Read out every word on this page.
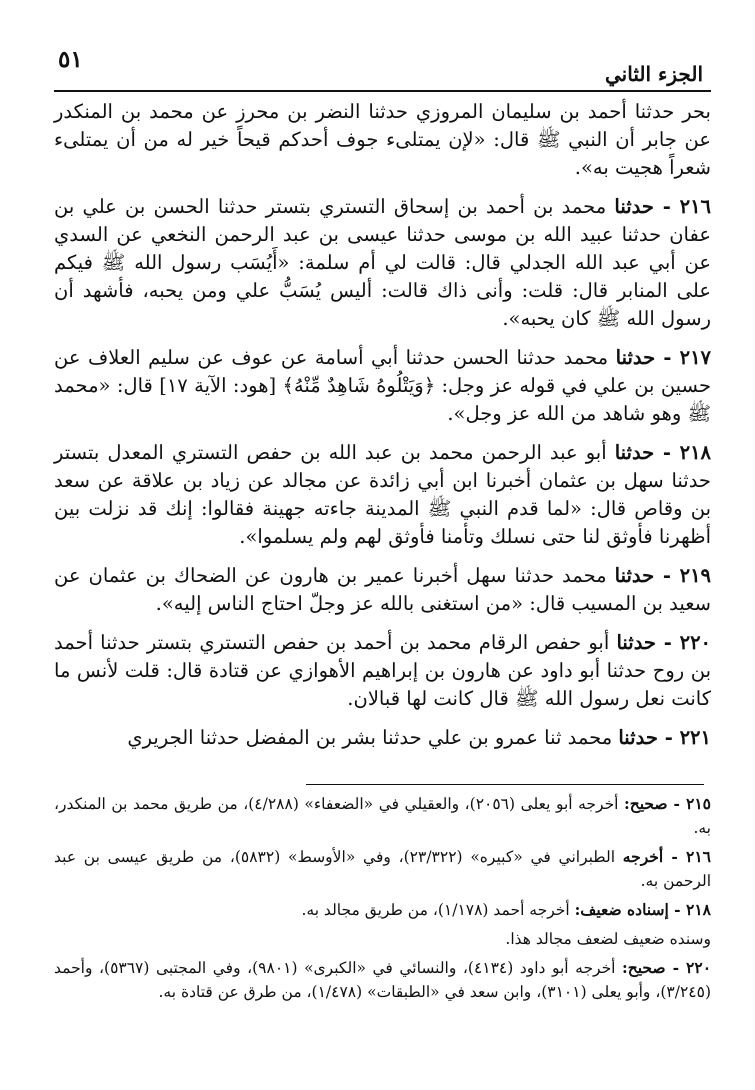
٥١
الجزء الثاني

بحر حدثنا أحمد بن سليمان المروزي حدثنا النضر بن محرز عن محمد بن المنكدر عن جابر أن النبي ﷺ قال: «لإن يمتلىء جوف أحدكم قيحاً خير له من أن يمتلىء شعراً هجيت به».

٢١٦ - حدثنا محمد بن أحمد بن إسحاق التستري بتستر حدثنا الحسن بن علي بن عفان حدثنا عبيد الله بن موسى حدثنا عيسى بن عبد الرحمن النخعي عن السدي عن أبي عبد الله الجدلي قال: قالت لي أم سلمة: «أَيُسَب رسول الله ﷺ فيكم على المنابر قال: قلت: وأنى ذاك قالت: أليس يُسَبُّ علي ومن يحبه، فأشهد أن رسول الله ﷺ كان يحبه».

٢١٧ - حدثنا محمد حدثنا الحسن حدثنا أبي أسامة عن عوف عن سليم العلاف عن حسين بن علي في قوله عز وجل: ﴿وَيَتْلُوهُ شَاهِدٌ مِّنْهُ﴾ [هود: الآية ١٧] قال: «محمد ﷺ وهو شاهد من الله عز وجل».

٢١٨ - حدثنا أبو عبد الرحمن محمد بن عبد الله بن حفص التستري المعدل بتستر حدثنا سهل بن عثمان أخبرنا ابن أبي زائدة عن مجالد عن زياد بن علاقة عن سعد بن وقاص قال: «لما قدم النبي ﷺ المدينة جاءته جهينة فقالوا: إنك قد نزلت بين أظهرنا فأوثق لنا حتى نسلك وتأمنا فأوثق لهم ولم يسلموا».

٢١٩ - حدثنا محمد حدثنا سهل أخبرنا عمير بن هارون عن الضحاك بن عثمان عن سعيد بن المسيب قال: «من استغنى بالله عز وجلّ احتاج الناس إليه».

٢٢٠ - حدثنا أبو حفص الرقام محمد بن أحمد بن حفص التستري بتستر حدثنا أحمد بن روح حدثنا أبو داود عن هارون بن إبراهيم الأهوازي عن قتادة قال: قلت لأنس ما كانت نعل رسول الله ﷺ قال كانت لها قبالان.

٢٢١ - حدثنا محمد ثنا عمرو بن علي حدثنا بشر بن المفضل حدثنا الجريري

٢١٥ - صحيح: أخرجه أبو يعلى (٢٠٥٦)، والعقيلي في «الضعفاء» (٤/٢٨٨)، من طريق محمد بن المنكدر، به.

٢١٦ - أخرجه الطبراني في «كبيره» (٢٣/٣٢٢)، وفي «الأوسط» (٥٨٣٢)، من طريق عيسى بن عبد الرحمن به.

٢١٨ - إسناده ضعيف: أخرجه أحمد (١/١٧٨)، من طريق مجالد به.

وسنده ضعيف لضعف مجالد هذا.

٢٢٠ - صحيح: أخرجه أبو داود (٤١٣٤)، والنسائي في «الكبرى» (٩٨٠١)، وفي المجتبى (٥٣٦٧)، وأحمد (٣/٢٤٥)، وأبو يعلى (٣١٠١)، وابن سعد في «الطبقات» (١/٤٧٨)، من طرق عن قتادة به.
